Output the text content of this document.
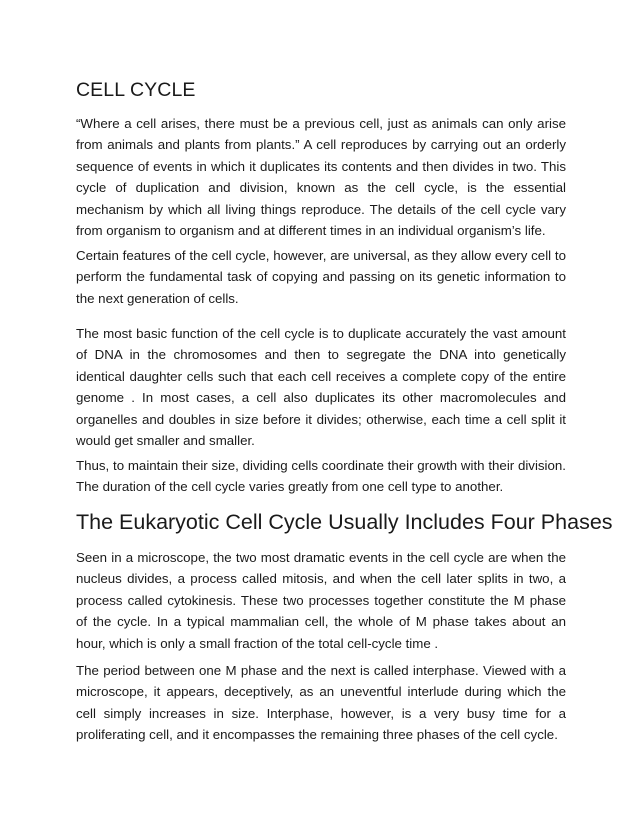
CELL CYCLE

“Where a cell arises, there must be a previous cell, just as animals can only arise from animals and plants from plants.” A cell reproduces by carrying out an orderly sequence of events in which it duplicates its contents and then divides in two. This cycle of duplication and division, known as the cell cycle, is the essential mechanism by which all living things reproduce. The details of the cell cycle vary from organism to organism and at different times in an individual organism’s life.

Certain features of the cell cycle, however, are universal, as they allow every cell to perform the fundamental task of copying and passing on its genetic information to the next generation of cells.

The most basic function of the cell cycle is to duplicate accurately the vast amount of DNA in the chromosomes and then to segregate the DNA into genetically identical daughter cells such that each cell receives a complete copy of the entire genome . In most cases, a cell also duplicates its other macromolecules and organelles and doubles in size before it divides; otherwise, each time a cell split it would get smaller and smaller.

Thus, to maintain their size, dividing cells coordinate their growth with their division. The duration of the cell cycle varies greatly from one cell type to another.

The Eukaryotic Cell Cycle Usually Includes Four Phases

Seen in a microscope, the two most dramatic events in the cell cycle are when the nucleus divides, a process called mitosis, and when the cell later splits in two, a process called cytokinesis. These two processes together constitute the M phase of the cycle. In a typical mammalian cell, the whole of M phase takes about an hour, which is only a small fraction of the total cell-cycle time .

The period between one M phase and the next is called interphase. Viewed with a microscope, it appears, deceptively, as an uneventful interlude during which the cell simply increases in size. Interphase, however, is a very busy time for a proliferating cell, and it encompasses the remaining three phases of the cell cycle.
